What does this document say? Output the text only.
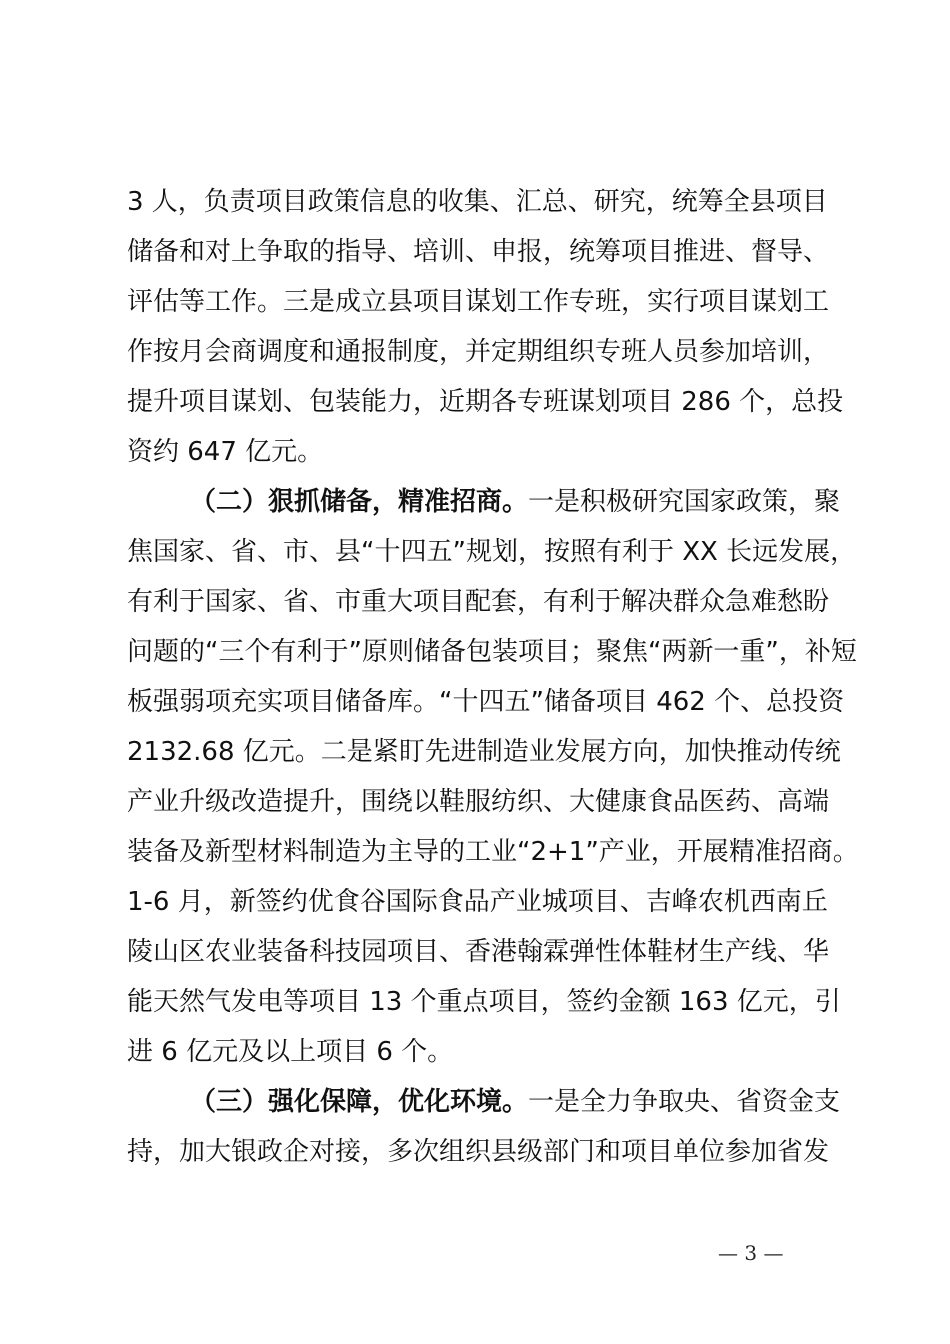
3 人，负责项目政策信息的收集、汇总、研究，统筹全县项目
储备和对上争取的指导、培训、申报，统筹项目推进、督导、
评估等工作。三是成立县项目谋划工作专班，实行项目谋划工
作按月会商调度和通报制度，并定期组织专班人员参加培训，
提升项目谋划、包装能力，近期各专班谋划项目 286 个，总投
资约 647 亿元。
（二）狠抓储备，精准招商。一是积极研究国家政策，聚
焦国家、省、市、县“十四五”规划，按照有利于 XX 长远发展，
有利于国家、省、市重大项目配套，有利于解决群众急难愁盼
问题的“三个有利于”原则储备包装项目；聚焦“两新一重”，补短
板强弱项充实项目储备库。“十四五”储备项目 462 个、总投资
2132.68 亿元。二是紧盯先进制造业发展方向，加快推动传统
产业升级改造提升，围绕以鞋服纺织、大健康食品医药、高端
装备及新型材料制造为主导的工业“2+1”产业，开展精准招商。
1-6 月，新签约优食谷国际食品产业城项目、吉峰农机西南丘
陵山区农业装备科技园项目、香港翰霖弹性体鞋材生产线、华
能天然气发电等项目 13 个重点项目，签约金额 163 亿元，引
进 6 亿元及以上项目 6 个。
（三）强化保障，优化环境。一是全力争取央、省资金支
持，加大银政企对接，多次组织县级部门和项目单位参加省发
— 3 —
